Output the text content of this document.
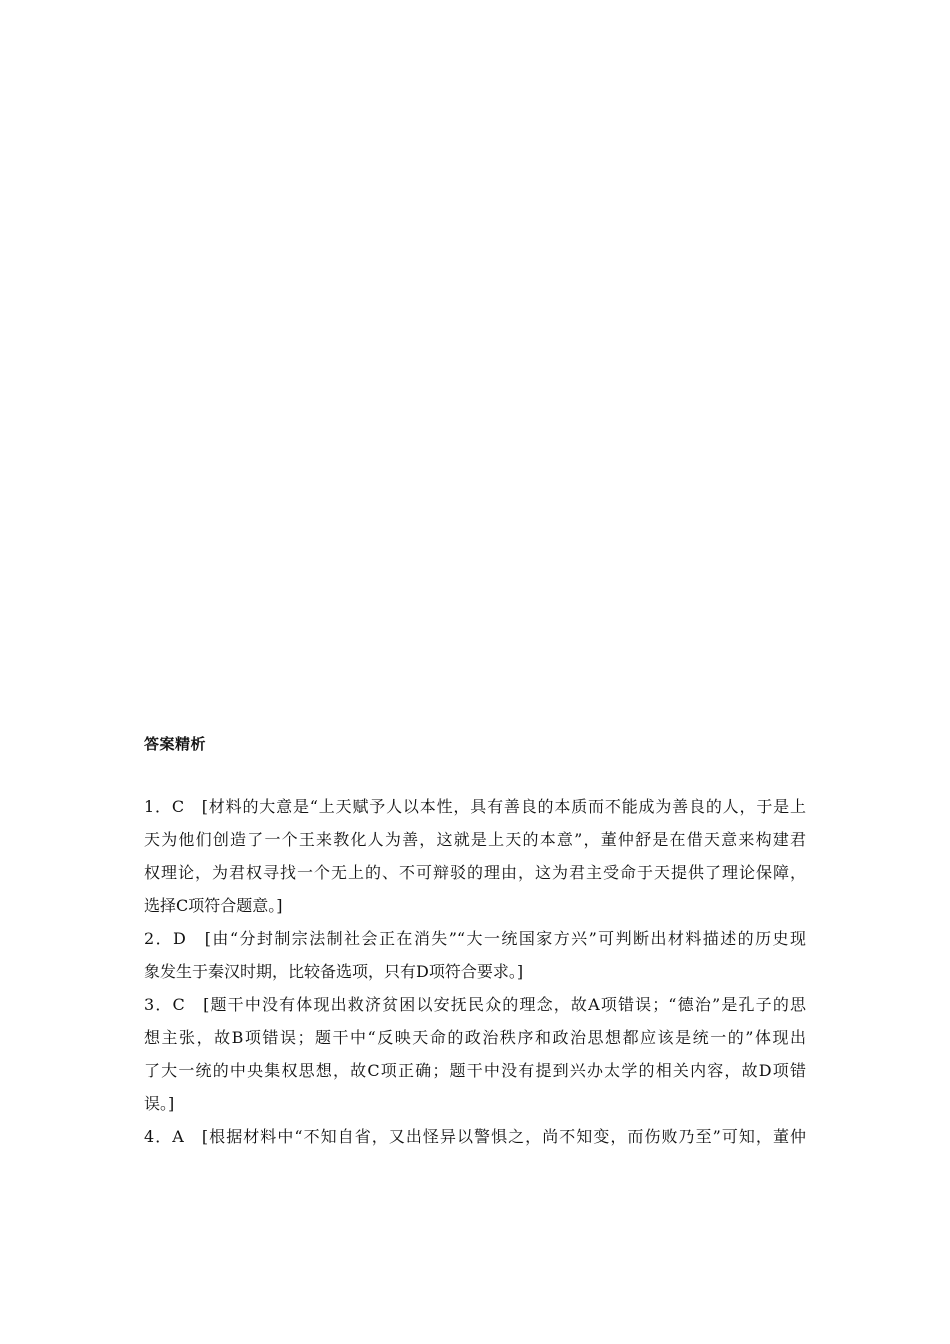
答案精析
1．C　[材料的大意是“上天赋予人以本性，具有善良的本质而不能成为善良的人，于是上
天为他们创造了一个王来教化人为善，这就是上天的本意”，董仲舒是在借天意来构建君
权理论，为君权寻找一个无上的、不可辩驳的理由，这为君主受命于天提供了理论保障，
选择C项符合题意。]
2．D　[由“分封制宗法制社会正在消失”“大一统国家方兴”可判断出材料描述的历史现
象发生于秦汉时期，比较备选项，只有D项符合要求。]
3．C　[题干中没有体现出救济贫困以安抚民众的理念，故A项错误；“德治”是孔子的思
想主张，故B项错误；题干中“反映天命的政治秩序和政治思想都应该是统一的”体现出
了大一统的中央集权思想，故C项正确；题干中没有提到兴办太学的相关内容，故D项错
误。]
4．A　[根据材料中“不知自省，又出怪异以警惧之，尚不知变，而伤败乃至”可知，董仲
